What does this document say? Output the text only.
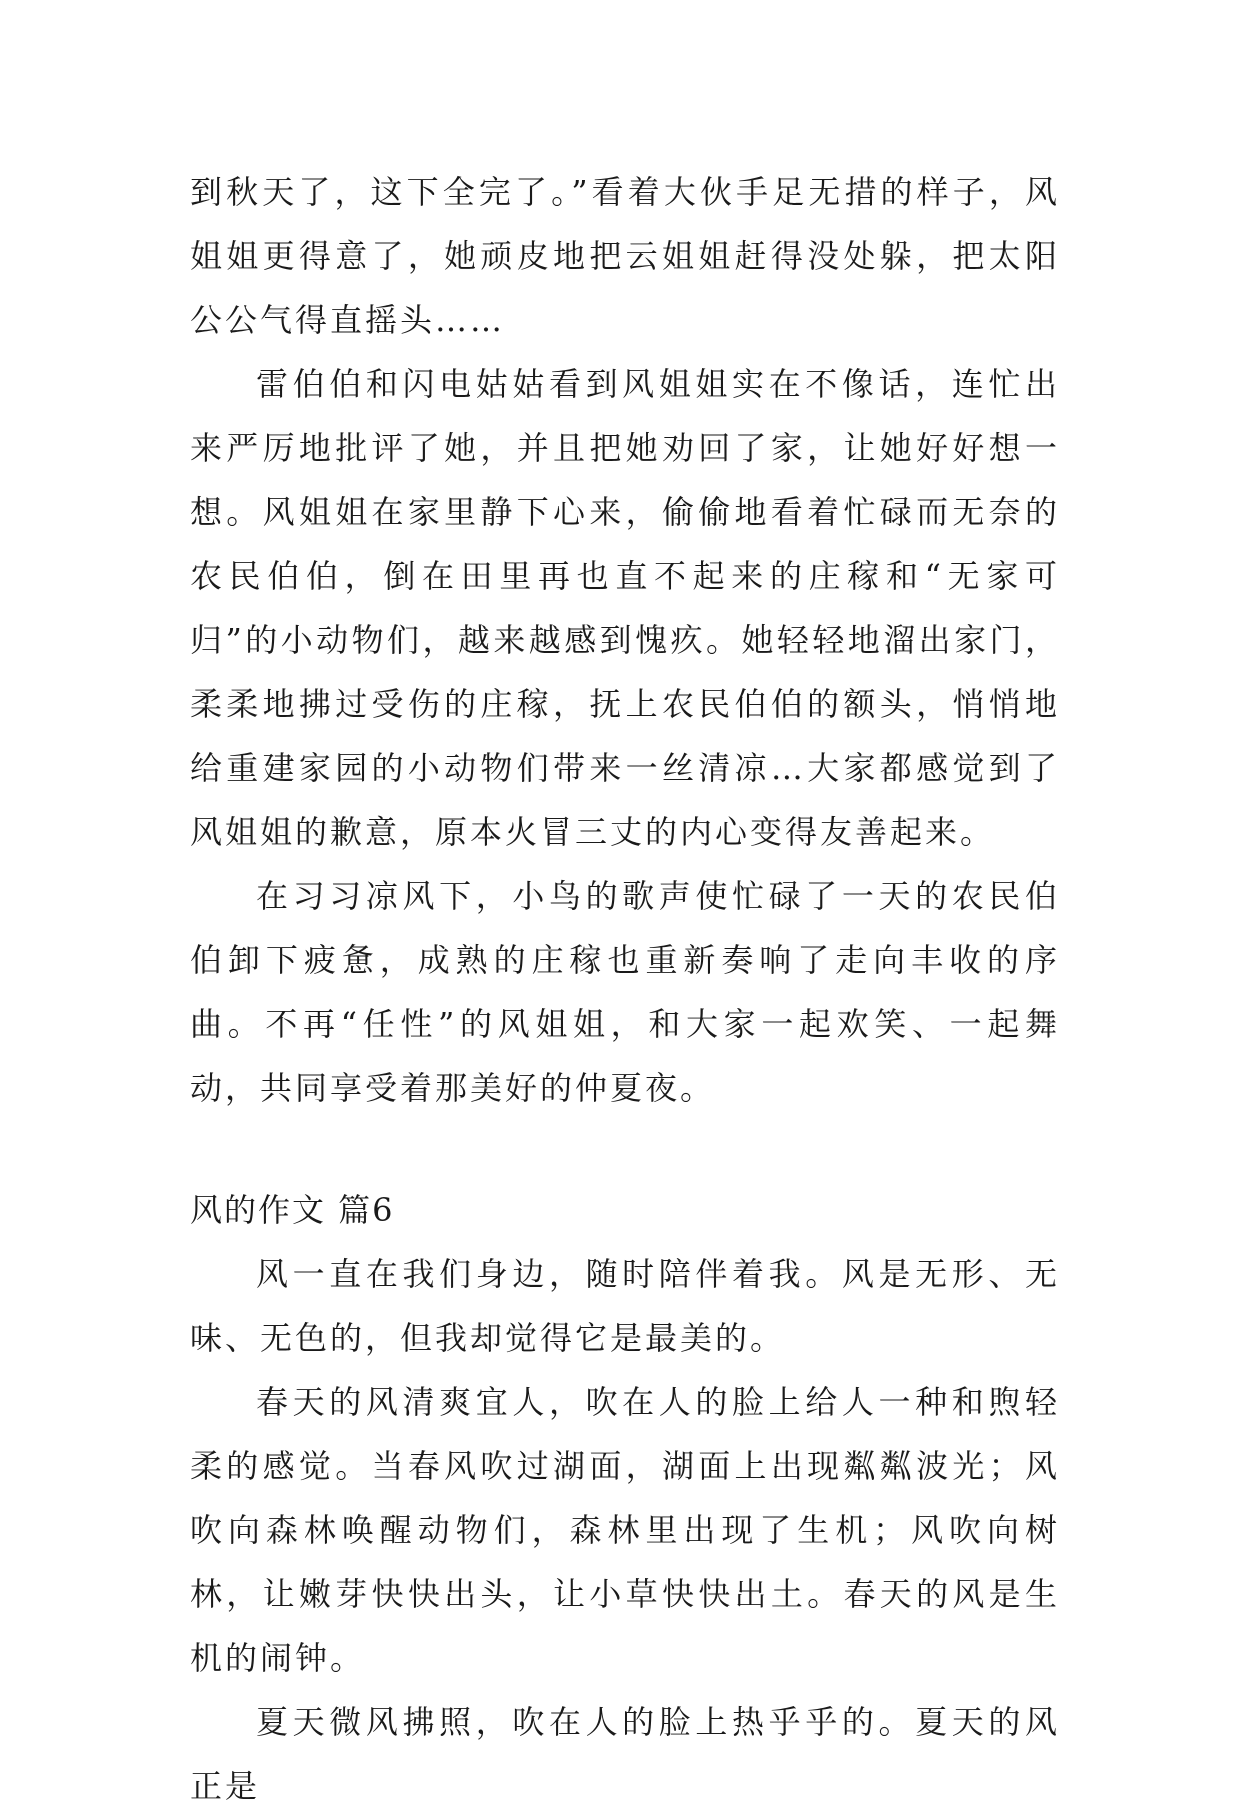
到秋天了，这下全完了。”看着大伙手足无措的样子，风姐姐更得意了，她顽皮地把云姐姐赶得没处躲，把太阳公公气得直摇头……

雷伯伯和闪电姑姑看到风姐姐实在不像话，连忙出来严厉地批评了她，并且把她劝回了家，让她好好想一想。风姐姐在家里静下心来，偷偷地看着忙碌而无奈的农民伯伯，倒在田里再也直不起来的庄稼和“无家可归”的小动物们，越来越感到愧疚。她轻轻地溜出家门，柔柔地拂过受伤的庄稼，抚上农民伯伯的额头，悄悄地给重建家园的小动物们带来一丝清凉…大家都感觉到了风姐姐的歉意，原本火冒三丈的内心变得友善起来。

在习习凉风下，小鸟的歌声使忙碌了一天的农民伯伯卸下疲惫，成熟的庄稼也重新奏响了走向丰收的序曲。不再“任性”的风姐姐，和大家一起欢笑、一起舞动，共同享受着那美好的仲夏夜。

风的作文 篇6

风一直在我们身边，随时陪伴着我。风是无形、无味、无色的，但我却觉得它是最美的。

春天的风清爽宜人，吹在人的脸上给人一种和煦轻柔的感觉。当春风吹过湖面，湖面上出现粼粼波光；风吹向森林唤醒动物们，森林里出现了生机；风吹向树林，让嫩芽快快出头，让小草快快出土。春天的风是生机的闹钟。

夏天微风拂照，吹在人的脸上热乎乎的。夏天的风正是
